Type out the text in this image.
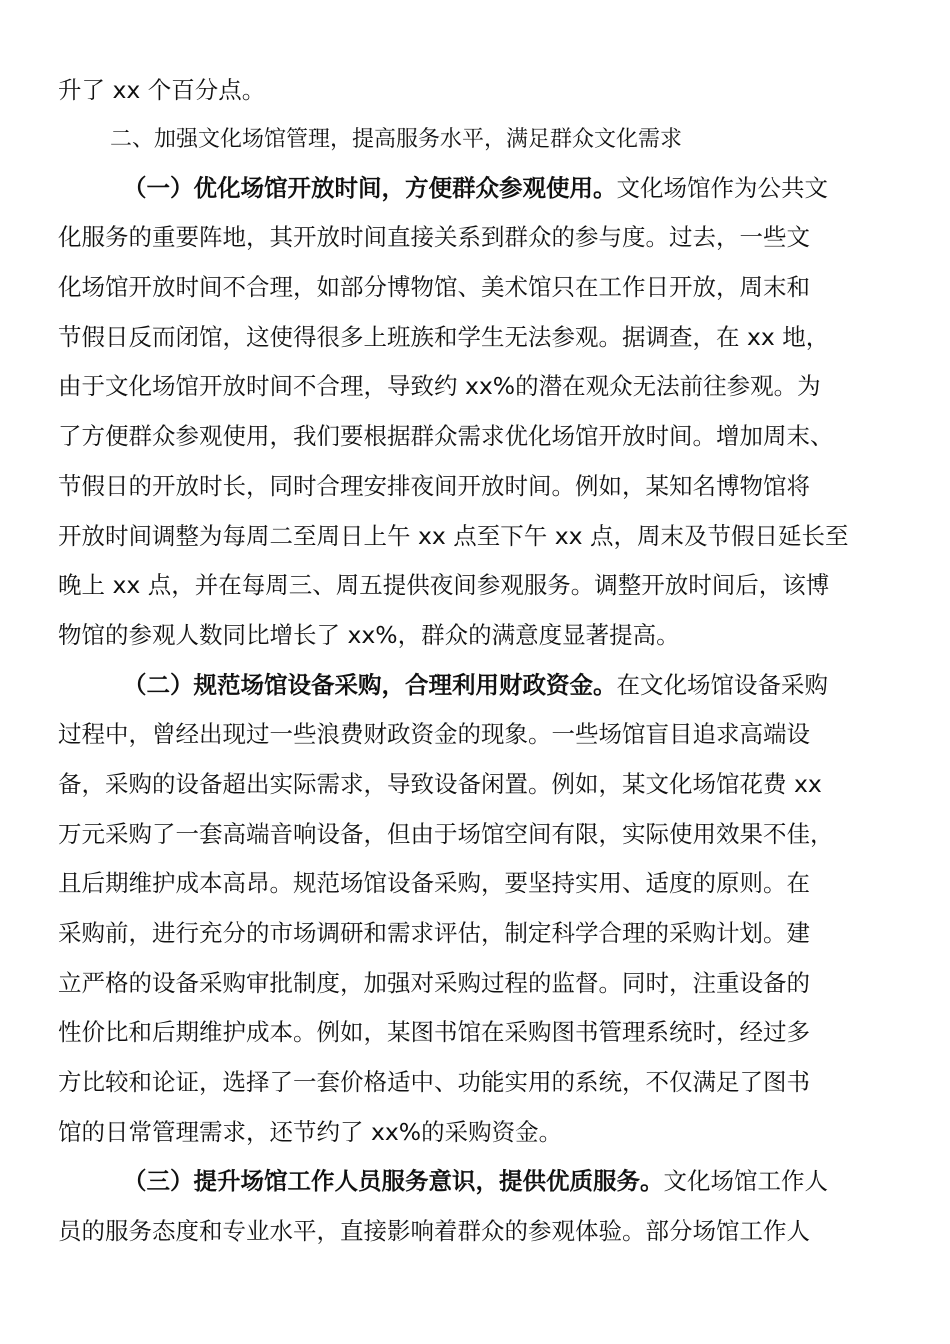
升了 xx 个百分点。
二、加强文化场馆管理，提高服务水平，满足群众文化需求
（一）优化场馆开放时间，方便群众参观使用。文化场馆作为公共文
化服务的重要阵地，其开放时间直接关系到群众的参与度。过去，一些文
化场馆开放时间不合理，如部分博物馆、美术馆只在工作日开放，周末和
节假日反而闭馆，这使得很多上班族和学生无法参观。据调查，在 xx 地，
由于文化场馆开放时间不合理，导致约 xx%的潜在观众无法前往参观。为
了方便群众参观使用，我们要根据群众需求优化场馆开放时间。增加周末、
节假日的开放时长，同时合理安排夜间开放时间。例如，某知名博物馆将
开放时间调整为每周二至周日上午 xx 点至下午 xx 点，周末及节假日延长至
晚上 xx 点，并在每周三、周五提供夜间参观服务。调整开放时间后，该博
物馆的参观人数同比增长了 xx%，群众的满意度显著提高。
（二）规范场馆设备采购，合理利用财政资金。在文化场馆设备采购
过程中，曾经出现过一些浪费财政资金的现象。一些场馆盲目追求高端设
备，采购的设备超出实际需求，导致设备闲置。例如，某文化场馆花费 xx
万元采购了一套高端音响设备，但由于场馆空间有限，实际使用效果不佳，
且后期维护成本高昂。规范场馆设备采购，要坚持实用、适度的原则。在
采购前，进行充分的市场调研和需求评估，制定科学合理的采购计划。建
立严格的设备采购审批制度，加强对采购过程的监督。同时，注重设备的
性价比和后期维护成本。例如，某图书馆在采购图书管理系统时，经过多
方比较和论证，选择了一套价格适中、功能实用的系统，不仅满足了图书
馆的日常管理需求，还节约了 xx%的采购资金。
（三）提升场馆工作人员服务意识，提供优质服务。文化场馆工作人
员的服务态度和专业水平，直接影响着群众的参观体验。部分场馆工作人
